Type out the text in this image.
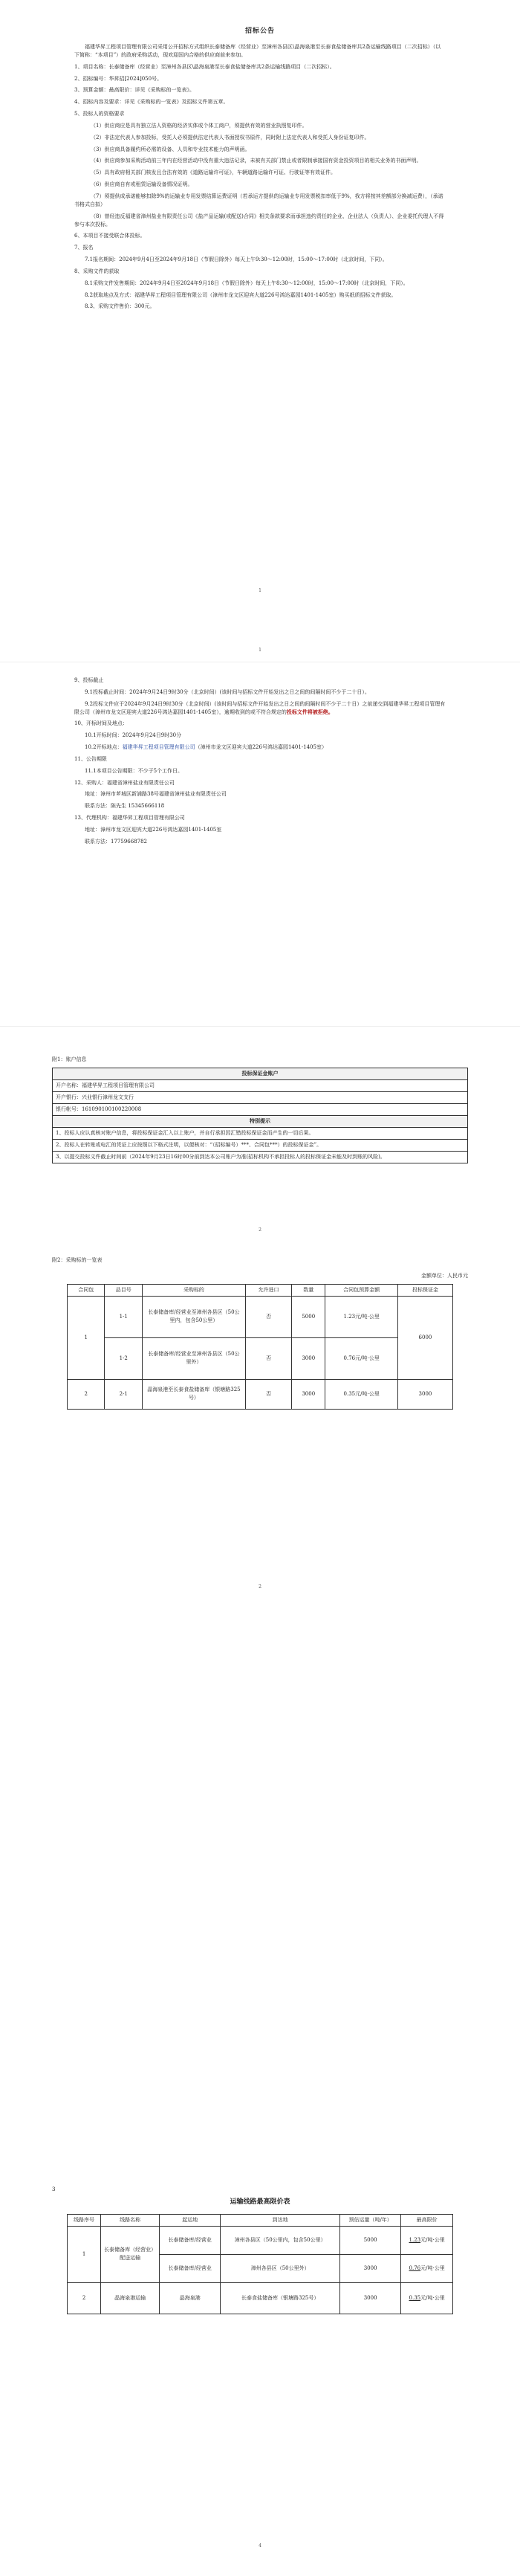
招标公告

福建华昇工程项目管理有限公司采用公开招标方式组织长泰储备库（经营业）至漳州各县区\晶海泉港至长泰食盐储备库共2条运输线路项目（二次招标）（以下简称：“本项目”）的政府采购活动，现欢迎国内合格的供应商前来参加。

1、项目名称：长泰储备库（经营业）至漳州各县区\晶海泉港至长泰食盐储备库共2条运输线路项目（二次招标）。

2、招标编号：华昇招[2024]050号。

3、预算金额：最高限价：详见《采购标的一览表》。

4、招标内容及要求：详见《采购标的一览表》及招标文件第五章。

5、投标人的资格要求

（1）供应商应是具有独立法人资格的经济实体或个体工商户，须提供有效的营业执照复印件。

（2）非法定代表人参加投标，受托人必须提供法定代表人书面授权书原件，同时附上法定代表人和受托人身份证复印件。

（3）供应商具备履约所必需的设备、人员和专业技术能力的声明函。

（4）供应商参加采购活动前三年内在经营活动中没有重大违法记录，未被有关部门禁止或者限制承接国有资金投资项目的相关业务的书面声明。

（5）具有政府相关部门核发且合法有效的《道路运输许可证》，车辆道路运输许可证、行驶证等有效证件。

（6）供应商自有或租赁运输设备情况证明。

（7）须提供成承诺能够扣除9%的运输业专用发票结算运费证明（若承运方提供的运输业专用发票税扣率低于9%，我方将按其差额部分换减运费），（承诺书格式自拟）

（8）曾经违反福建省漳州盐业有限责任公司《盐产品运输(或配送)合同》相关条款要求而承担违约责任的企业、企业法人（负责人）、企业委托代理人不得参与本次投标。

6、本项目不接受联合体投标。

7、报名

7.1报名期间：2024年9月4日至2024年9月18日（节假日除外）每天上午9:30～12:00时，15:00～17:00时（北京时间，下同）。

8、采购文件的获取

8.1采购文件发售期间：2024年9月4日至2024年9月18日（节假日除外）每天上午8:30～12:00时，15:00～17:00时（北京时间，下同）。

8.2获取地点及方式：福建华昇工程项目管理有限公司（漳州市龙文区迎宾大道226号鸿达嘉园1401-1405室）购买纸质招标文件获取。

8.3、采购文件售价：300元。

1

9、投标截止

9.1投标截止时间：2024年9月24日9时30分（北京时间）(该时间与招标文件开始发出之日之间的间隔时间不少于二十日）。

9.2投标文件应于2024年9月24日9时30分（北京时间）(该时间与招标文件开始发出之日之间的间隔时间不少于二十日）之前递交到福建华昇工程项目管理有限公司（漳州市龙文区迎宾大道226号鸿达嘉园1401-1405室），逾期收到的或不符合规定的投标文件将被拒绝。

10、开标时间及地点：

10.1开标时间：2024年9月24日9时30分

10.2开标地点：福建华昇工程项目管理有限公司（漳州市龙文区迎宾大道226号鸿达嘉园1401-1405室）

11、公告期限

11.1本项目公告期限：不少于5个工作日。

12、采购人：福建省漳州盐业有限责任公司

地址：漳州市芗城区新浦路38号福建省漳州盐业有限责任公司

联系方法：陈先生 15345666118

13、代理机构：福建华昇工程项目管理有限公司

地址：漳州市龙文区迎宾大道226号鸿达嘉园1401-1405室

联系方法：17759668782

1

附1：账户信息

投标保证金账户
开户名称：福建华昇工程项目管理有限公司
开户银行：兴业银行漳州龙文支行
银行帐号：161090100100220008
特别提示
1、投标人应认真核对账户信息，将投标保证金汇入以上账户，并自行承担因汇错投标保证金而产生的一切后果。
2、投标人在转账或电汇的凭证上应按照以下格式注明，以便核对：“（招标编号）***、合同包***）的投标保证金”。
3、以提交投标文件截止时间前（2024年9月23日16时00分前到达本公司账户为准(招标机构不承担投标人的投标保证金未能及时到账的风险)。
2

附2：采购标的一览表

金额单位：人民币元

合同包	品目号	采购标的	允许进口	数量	合同包预算金额	投标保证金
1	1-1	长泰储备库/经营业至漳州各县区（50公里内，包含50公里）	否	5000	1.23元/吨·公里	6000
	1-2	长泰储备库/经营业至漳州各县区（50公里外）	否	3000	0.76元/吨·公里	
2	2-1	晶海泉港至长泰食盐储备库（银塘路325号）	否	3000	0.35元/吨·公里	3000
2

3

运输线路最高限价表

线路序号	线路名称	起运地	到达地	预估运量（吨/年）	最高限价
1	长泰储备库（经营业）配送运输	长泰储备库/经营业	漳州各县区（50公里内，包含50公里）	5000	1.23元/吨·公里
		长泰储备库/经营业	漳州各县区（50公里外）	3000	0.76元/吨·公里
2	晶海泉港运输	晶海泉港	长泰食盐储备库（银塘路325号）	3000	0.35元/吨·公里
4
